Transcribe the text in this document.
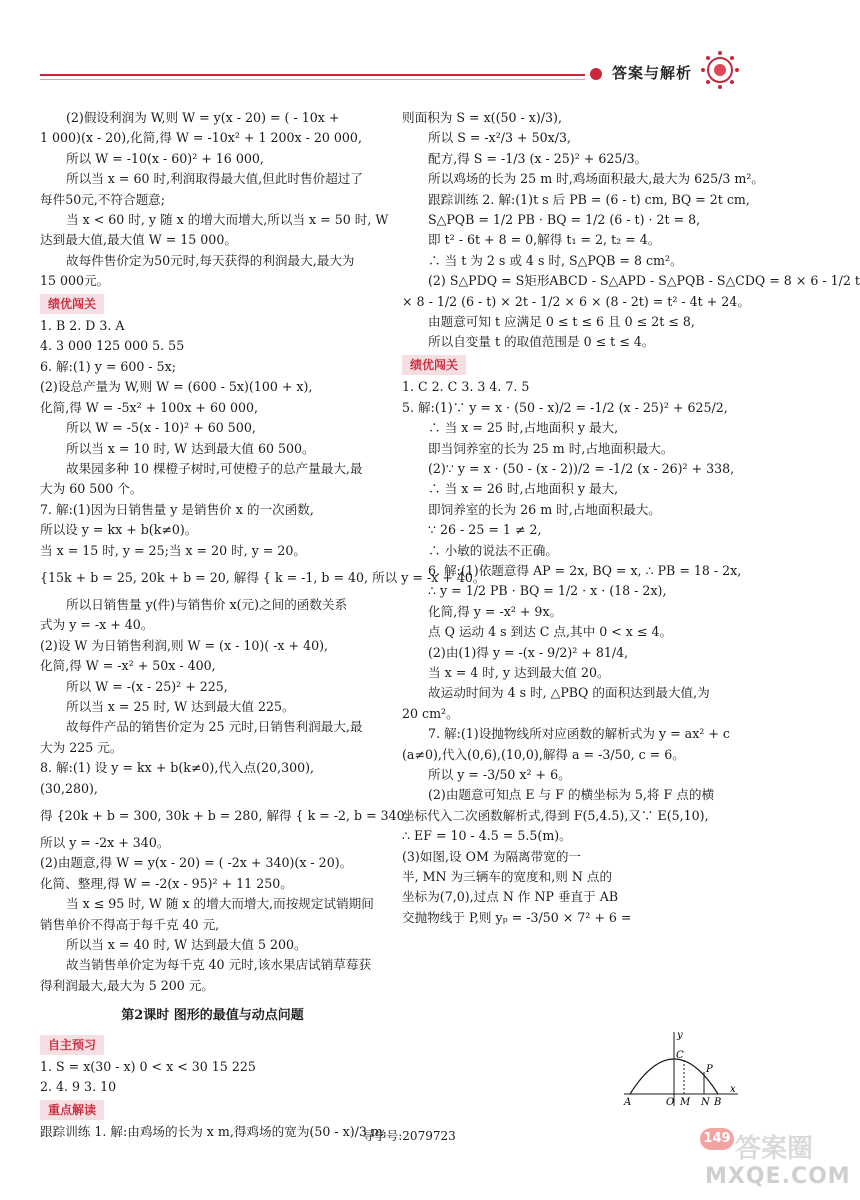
答案与解析

(2)假设利润为 W,则 W = y(x - 20) = ( - 10x +

1 000)(x - 20),化简,得 W = -10x² + 1 200x - 20 000,

所以 W = -10(x - 60)² + 16 000,

所以当 x = 60 时,利润取得最大值,但此时售价超过了

每件50元,不符合题意;

当 x < 60 时, y 随 x 的增大而增大,所以当 x = 50 时, W

达到最大值,最大值 W = 15 000。

故每件售价定为50元时,每天获得的利润最大,最大为

15 000元。

绩优闯关

1. B 2. D 3. A

4. 3 000 125 000 5. 55

6. 解:(1) y = 600 - 5x;

(2)设总产量为 W,则 W = (600 - 5x)(100 + x),

化简,得 W = -5x² + 100x + 60 000,

所以 W = -5(x - 10)² + 60 500,

所以当 x = 10 时, W 达到最大值 60 500。

故果园多种 10 棵橙子树时,可使橙子的总产量最大,最

大为 60 500 个。

7. 解:(1)因为日销售量 y 是销售价 x 的一次函数,

所以设 y = kx + b(k≠0)。

当 x = 15 时, y = 25;当 x = 20 时, y = 20。

{15k + b = 25, 20k + b = 20, 解得 { k = -1, b = 40, 所以 y = -x + 40。

所以日销售量 y(件)与销售价 x(元)之间的函数关系

式为 y = -x + 40。

(2)设 W 为日销售利润,则 W = (x - 10)( -x + 40),

化简,得 W = -x² + 50x - 400,

所以 W = -(x - 25)² + 225,

所以当 x = 25 时, W 达到最大值 225。

故每件产品的销售价定为 25 元时,日销售利润最大,最

大为 225 元。

8. 解:(1) 设 y = kx + b(k≠0),代入点(20,300),

(30,280),

得 {20k + b = 300, 30k + b = 280, 解得 { k = -2, b = 340。

所以 y = -2x + 340。

(2)由题意,得 W = y(x - 20) = ( -2x + 340)(x - 20)。

化简、整理,得 W = -2(x - 95)² + 11 250。

当 x ≤ 95 时, W 随 x 的增大而增大,而按规定试销期间

销售单价不得高于每千克 40 元,

所以当 x = 40 时, W 达到最大值 5 200。

故当销售单价定为每千克 40 元时,该水果店试销草莓获

得利润最大,最大为 5 200 元。

第2课时 图形的最值与动点问题

自主预习

1. S = x(30 - x) 0 < x < 30 15 225

2. 4. 9 3. 10

重点解读

跟踪训练 1. 解:由鸡场的长为 x m,得鸡场的宽为(50 - x)/3 m,

则面积为 S = x((50 - x)/3),

所以 S = -x²/3 + 50x/3,

配方,得 S = -1/3 (x - 25)² + 625/3。

所以鸡场的长为 25 m 时,鸡场面积最大,最大为 625/3 m²。

跟踪训练 2. 解:(1)t s 后 PB = (6 - t) cm, BQ = 2t cm,

S△PQB = 1/2 PB · BQ = 1/2 (6 - t) · 2t = 8,

即 t² - 6t + 8 = 0,解得 t₁ = 2, t₂ = 4。

∴ 当 t 为 2 s 或 4 s 时, S△PQB = 8 cm²。

(2) S△PDQ = S矩形ABCD - S△APD - S△PQB - S△CDQ = 8 × 6 - 1/2 t

× 8 - 1/2 (6 - t) × 2t - 1/2 × 6 × (8 - 2t) = t² - 4t + 24。

由题意可知 t 应满足 0 ≤ t ≤ 6 且 0 ≤ 2t ≤ 8,

所以自变量 t 的取值范围是 0 ≤ t ≤ 4。

绩优闯关

1. C 2. C 3. 3 4. 7. 5

5. 解:(1)∵ y = x · (50 - x)/2 = -1/2 (x - 25)² + 625/2,

∴ 当 x = 25 时,占地面积 y 最大,

即当饲养室的长为 25 m 时,占地面积最大。

(2)∵ y = x · (50 - (x - 2))/2 = -1/2 (x - 26)² + 338,

∴ 当 x = 26 时,占地面积 y 最大,

即饲养室的长为 26 m 时,占地面积最大。

∵ 26 - 25 = 1 ≠ 2,

∴ 小敏的说法不正确。

6. 解:(1)依题意得 AP = 2x, BQ = x, ∴ PB = 18 - 2x,

∴ y = 1/2 PB · BQ = 1/2 · x · (18 - 2x),

化简,得 y = -x² + 9x。

点 Q 运动 4 s 到达 C 点,其中 0 < x ≤ 4。

(2)由(1)得 y = -(x - 9/2)² + 81/4,

当 x = 4 时, y 达到最大值 20。

故运动时间为 4 s 时, △PBQ 的面积达到最大值,为

20 cm²。

7. 解:(1)设抛物线所对应函数的解析式为 y = ax² + c

(a≠0),代入(0,6),(10,0),解得 a = -3/50, c = 6。

所以 y = -3/50 x² + 6。

(2)由题意可知点 E 与 F 的横坐标为 5,将 F 点的横

坐标代入二次函数解析式,得到 F(5,4.5),又∵ E(5,10),

∴ EF = 10 - 4.5 = 5.5(m)。

(3)如图,设 OM 为隔离带宽的一

半, MN 为三辆车的宽度和,则 N 点的

坐标为(7,0),过点 N 作 NP 垂直于 AB

交抛物线于 P,则 yₚ = -3/50 × 7² + 6 =

y
C
P
A	O M N B
x
导学号:2079723	149 答案圈
MXQE.COM
